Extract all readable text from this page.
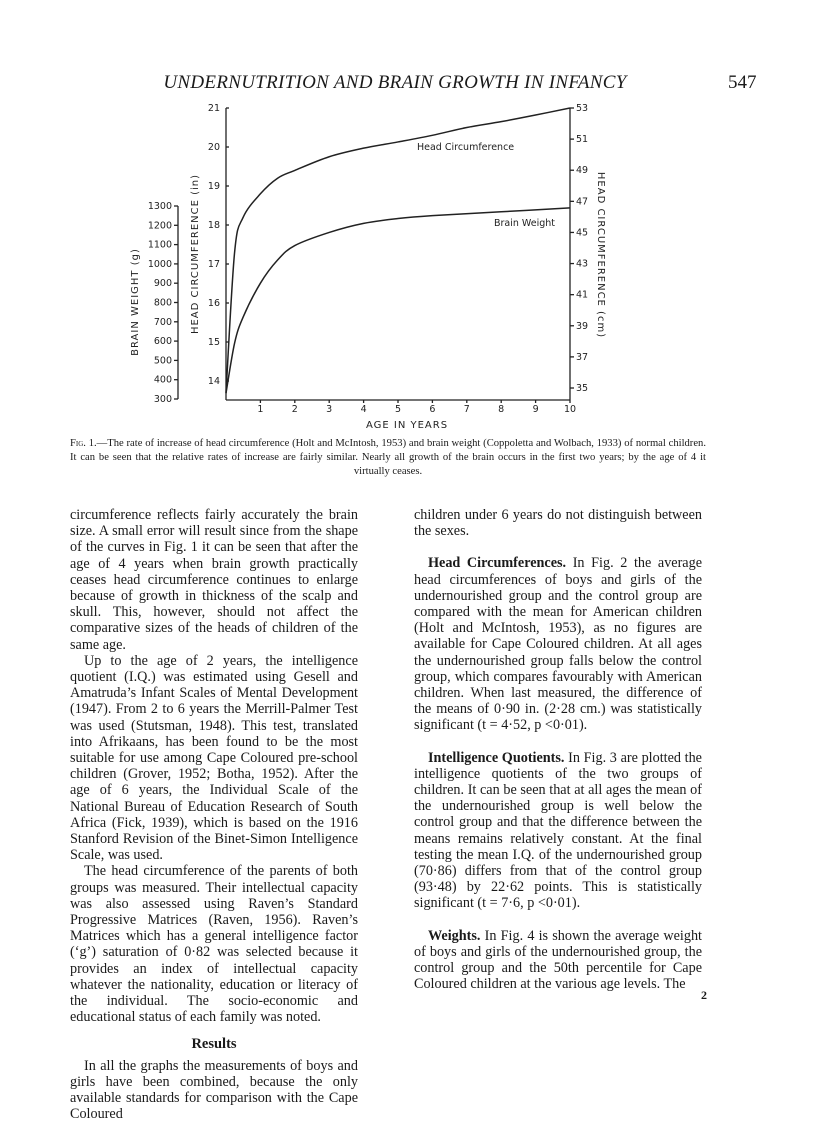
UNDERNUTRITION AND BRAIN GROWTH IN INFANCY	547
1	2	3	4	5	6	7	8	9	10
14
15
16
17
18
19
20
21
35
37
39
41
43
45
47
49
51
53
300
400
500
600
700
800
900
1000
1100
1200
1300
Head Circumference
Brain Weight
AGE IN YEARS
HEAD CIRCUMFERENCE (in)
BRAIN WEIGHT (g)	HEAD CIRCUMFERENCE (cm)
Fig. 1.—The rate of increase of head circumference (Holt and McIntosh, 1953) and brain weight (Coppoletta and Wolbach, 1933) of normal children. It can be seen that the relative rates of increase are fairly similar. Nearly all growth of the brain occurs in the first two years; by the age of 4 it virtually ceases.

circumference reflects fairly accurately the brain size. A small error will result since from the shape of the curves in Fig. 1 it can be seen that after the age of 4 years when brain growth practically ceases head circumference continues to enlarge because of growth in thickness of the scalp and skull. This, however, should not affect the comparative sizes of the heads of children of the same age.

Up to the age of 2 years, the intelligence quotient (I.Q.) was estimated using Gesell and Amatruda’s Infant Scales of Mental Development (1947). From 2 to 6 years the Merrill-Palmer Test was used (Stutsman, 1948). This test, translated into Afrikaans, has been found to be the most suitable for use among Cape Coloured pre-school children (Grover, 1952; Botha, 1952). After the age of 6 years, the Individual Scale of the National Bureau of Education Research of South Africa (Fick, 1939), which is based on the 1916 Stanford Revision of the Binet-Simon Intelligence Scale, was used.

The head circumference of the parents of both groups was measured. Their intellectual capacity was also assessed using Raven’s Standard Progressive Matrices (Raven, 1956). Raven’s Matrices which has a general intelligence factor (‘g’) saturation of 0·82 was selected because it provides an index of intellectual capacity whatever the nationality, education or literacy of the individual. The socio-economic and educational status of each family was noted.

Results

In all the graphs the measurements of boys and girls have been combined, because the only available standards for comparison with the Cape Coloured

children under 6 years do not distinguish between the sexes.

Head Circumferences. In Fig. 2 the average head circumferences of boys and girls of the undernourished group and the control group are compared with the mean for American children (Holt and McIntosh, 1953), as no figures are available for Cape Coloured children. At all ages the undernourished group falls below the control group, which compares favourably with American children. When last measured, the difference of the means of 0·90 in. (2·28 cm.) was statistically significant (t = 4·52, p <0·01).

Intelligence Quotients. In Fig. 3 are plotted the intelligence quotients of the two groups of children. It can be seen that at all ages the mean of the undernourished group is well below the control group and that the difference between the means remains relatively constant. At the final testing the mean I.Q. of the undernourished group (70·86) differs from that of the control group (93·48) by 22·62 points. This is statistically significant (t = 7·6, p <0·01).

Weights. In Fig. 4 is shown the average weight of boys and girls of the undernourished group, the control group and the 50th percentile for Cape Coloured children at the various age levels. The

2
